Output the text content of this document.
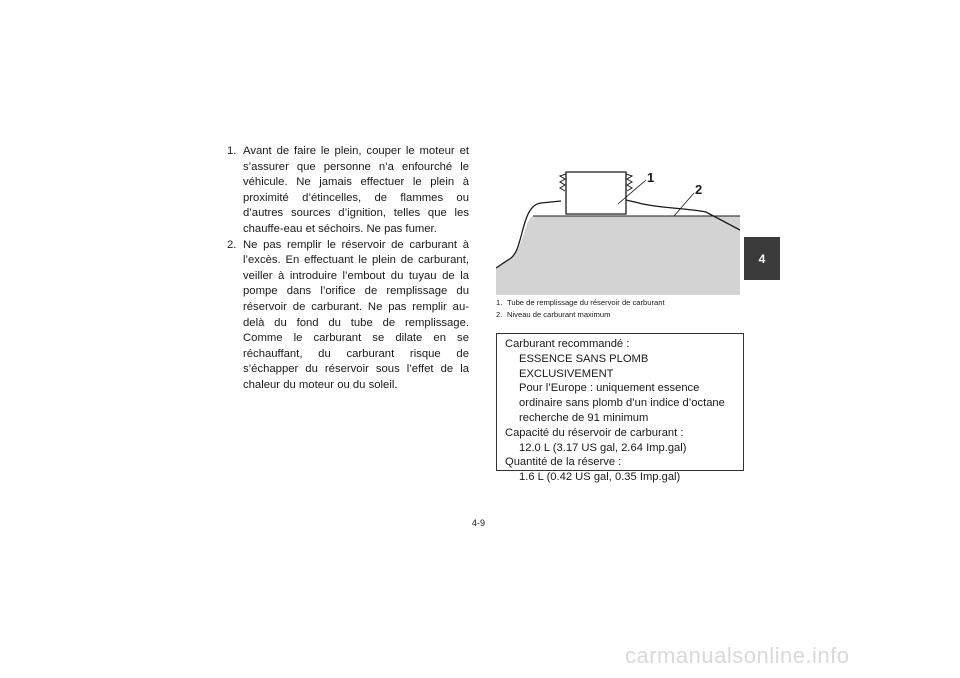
1. Avant de faire le plein, couper le moteur et s’assurer que personne n’a enfourché le véhicule. Ne jamais effectuer le plein à proximité d’étincelles, de flammes ou d’autres sources d’ignition, telles que les chauffe-eau et séchoirs. Ne pas fumer.
2. Ne pas remplir le réservoir de carburant à l’excès. En effectuant le plein de carburant, veiller à introduire l’embout du tuyau de la pompe dans l’orifice de remplissage du réservoir de carburant. Ne pas remplir au-delà du fond du tube de remplissage. Comme le carburant se dilate en se réchauffant, du carburant risque de s’échapper du réservoir sous l’effet de la chaleur du moteur ou du soleil.
1
2
1. Tube de remplissage du réservoir de carburant
2. Niveau de carburant maximum
Carburant recommandé :
ESSENCE SANS PLOMB EXCLUSIVEMENT
Pour l’Europe : uniquement essence ordinaire sans plomb d’un indice d’octane recherche de 91 minimum
Capacité du réservoir de carburant :
12.0 L (3.17 US gal, 2.64 Imp.gal)
Quantité de la réserve :
1.6 L (0.42 US gal, 0.35 Imp.gal)
4-9
4
carmanualsonline.info
